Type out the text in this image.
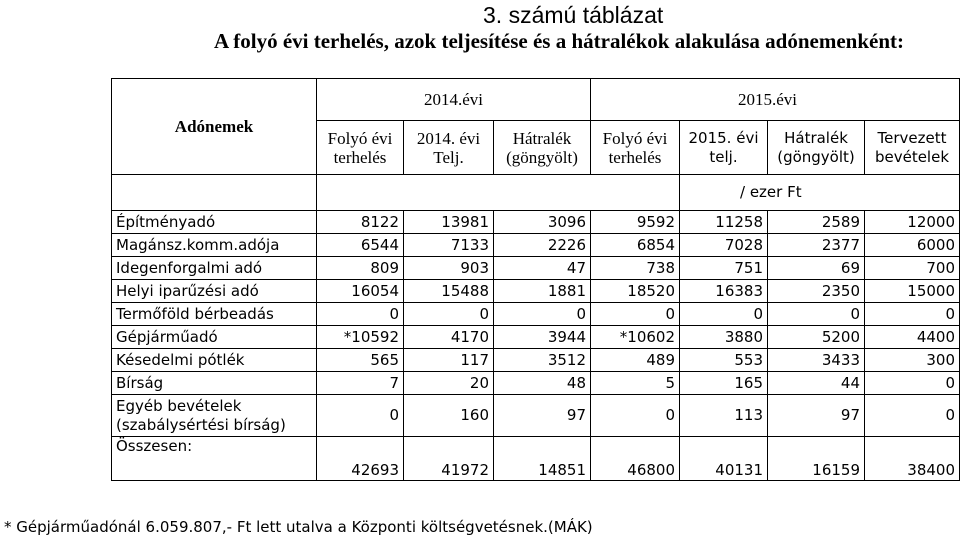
3. számú táblázat
A folyó évi terhelés, azok teljesítése és a hátralékok alakulása adónemenként:
Adónemek	2014.évi			2015.évi			
	Folyó évi terhelés	2014. évi Telj.	Hátralék (göngyölt)	Folyó évi terhelés	2015. évi telj.	Hátralék (göngyölt)	Tervezett bevételek
					/ ezer Ft		
Építményadó	8122	13981	3096	9592	11258	2589	12000
Magánsz.komm.adója	6544	7133	2226	6854	7028	2377	6000
Idegenforgalmi adó	809	903	47	738	751	69	700
Helyi iparűzési adó	16054	15488	1881	18520	16383	2350	15000
Termőföld bérbeadás	0	0	0	0	0	0	0
Gépjárműadó	*10592	4170	3944	*10602	3880	5200	4400
Késedelmi pótlék	565	117	3512	489	553	3433	300
Bírság	7	20	48	5	165	44	0
Egyéb bevételek (szabálysértési bírság)	0	160	97	0	113	97	0
Összesen:	42693	41972	14851	46800	40131	16159	38400
* Gépjárműadónál 6.059.807,- Ft lett utalva a Központi költségvetésnek.(MÁK)
